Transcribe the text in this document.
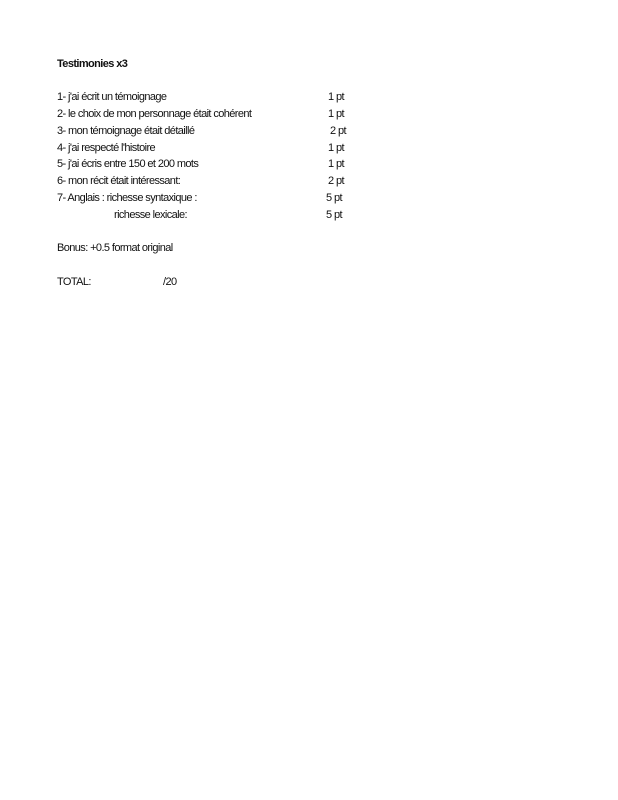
Testimonies x3
1- j'ai écrit un témoignage	1 pt
2- le choix de mon personnage était cohérent	1 pt
3- mon témoignage était détaillé	2 pt
4- j'ai respecté l'histoire	1 pt
5- j'ai écris entre 150 et 200 mots	1 pt
6- mon récit était intéressant:	2 pt
7- Anglais : richesse syntaxique :	5 pt
richesse lexicale:	5 pt
Bonus: +0.5 format original
TOTAL:	/20
